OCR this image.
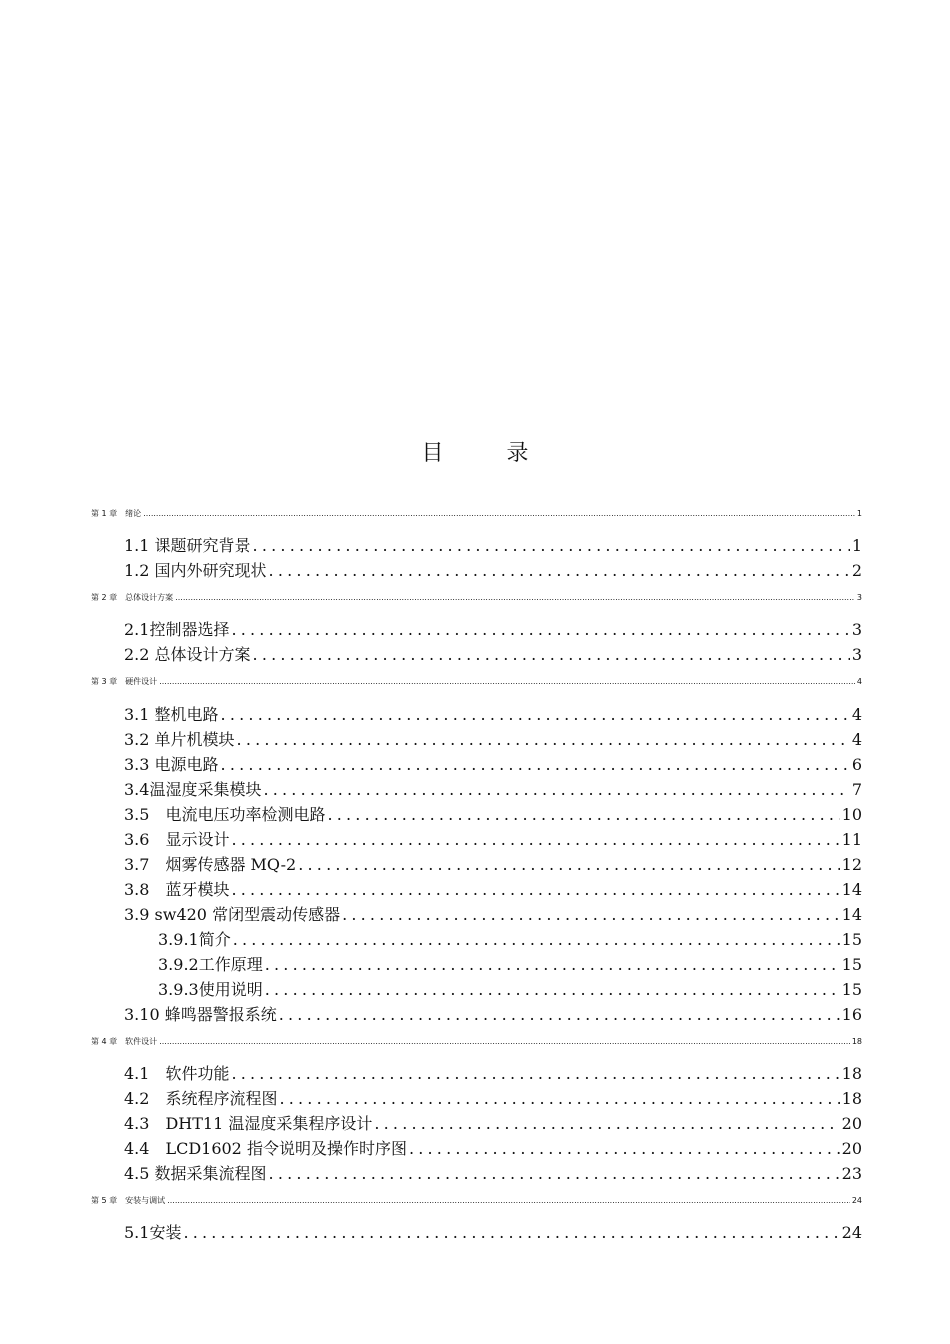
目 录
第 1 章　绪论 .....	1
1.1 课题研究背景 .....	1
1.2 国内外研究现状 .....	2
第 2 章　总体设计方案 .....	3
2.1控制器选择 .....	3
2.2 总体设计方案 .....	3
第 3 章　硬件设计 .....	4
3.1 整机电路 .....	4
3.2 单片机模块 .....	4
3.3 电源电路 .....	6
3.4温湿度采集模块 .....	7
3.5　电流电压功率检测电路 .....	10
3.6　显示设计 .....	11
3.7　烟雾传感器 MQ-2 .....	12
3.8　蓝牙模块 .....	14
3.9 sw420 常闭型震动传感器 .....	14
3.9.1简介 .....	15
3.9.2工作原理 .....	15
3.9.3使用说明 .....	15
3.10 蜂鸣器警报系统 .....	16
第 4 章　软件设计 .....	18
4.1　软件功能 .....	18
4.2　系统程序流程图 .....	18
4.3　DHT11 温湿度采集程序设计 .....	20
4.4　LCD1602 指令说明及操作时序图 .....	20
4.5 数据采集流程图 .....	23
第 5 章　安装与调试 .....	24
5.1安装 .....	24
